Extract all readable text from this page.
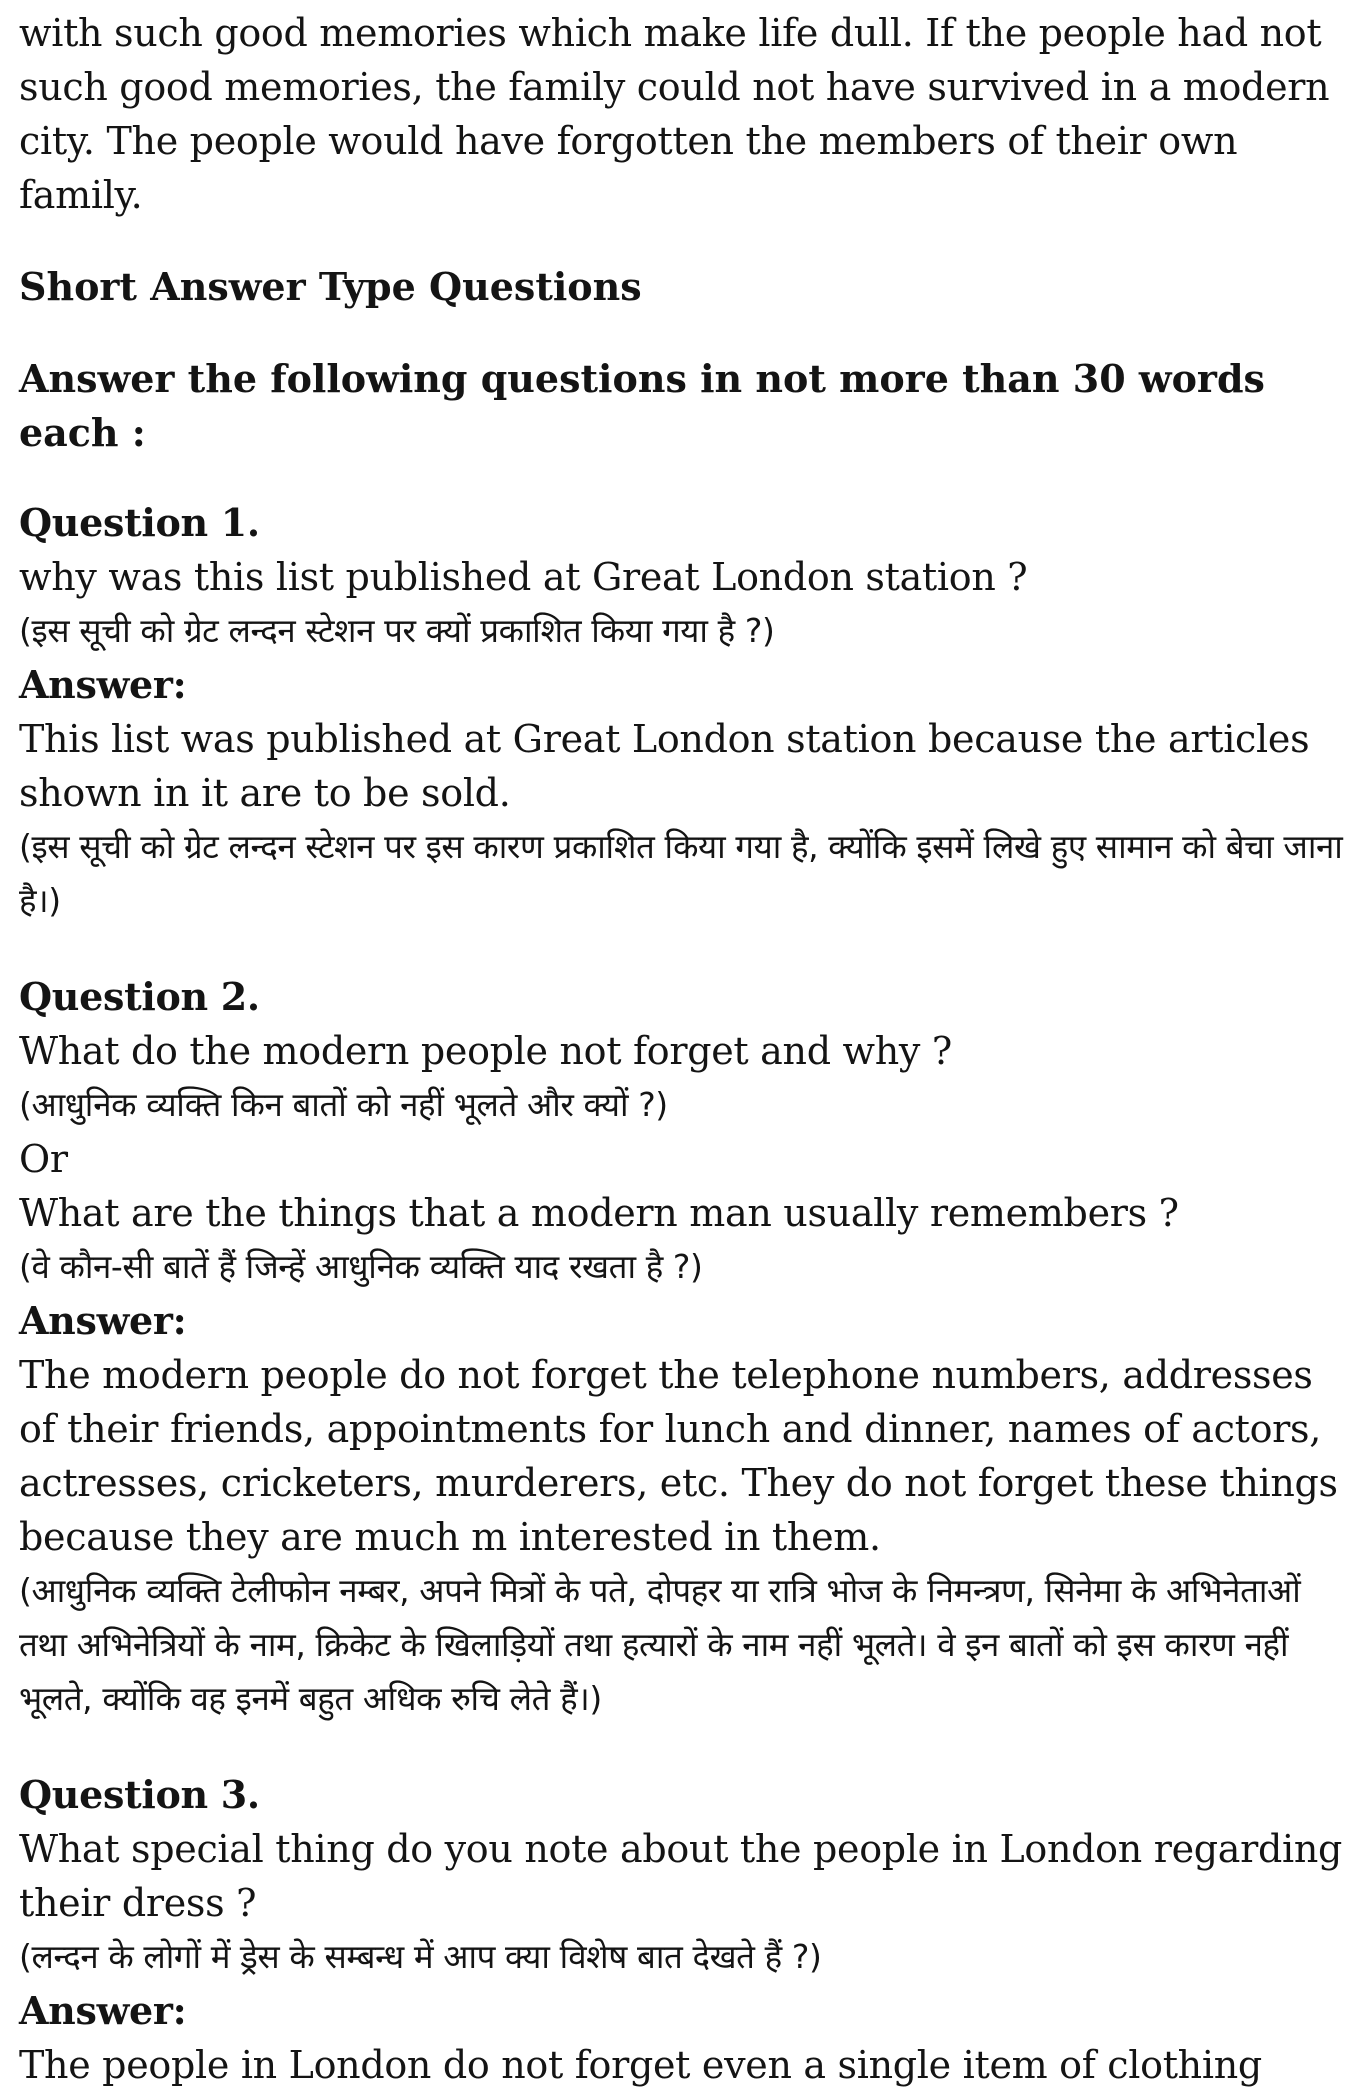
with such good memories which make life dull. If the people had not such good memories, the family could not have survived in a modern city. The people would have forgotten the members of their own family.

Short Answer Type Questions

Answer the following questions in not more than 30 words each :

Question 1.

why was this list published at Great London station ?

(इस सूची को ग्रेट लन्दन स्टेशन पर क्यों प्रकाशित किया गया है ?)

Answer:

This list was published at Great London station because the articles shown in it are to be sold.

(इस सूची को ग्रेट लन्दन स्टेशन पर इस कारण प्रकाशित किया गया है, क्योंकि इसमें लिखे हुए सामान को बेचा जाना है।)

Question 2.

What do the modern people not forget and why ?

(आधुनिक व्यक्ति किन बातों को नहीं भूलते और क्यों ?)

Or

What are the things that a modern man usually remembers ?

(वे कौन-सी बातें हैं जिन्हें आधुनिक व्यक्ति याद रखता है ?)

Answer:

The modern people do not forget the telephone numbers, addresses of their friends, appointments for lunch and dinner, names of actors, actresses, cricketers, murderers, etc. They do not forget these things because they are much m interested in them.

(आधुनिक व्यक्ति टेलीफोन नम्बर, अपने मित्रों के पते, दोपहर या रात्रि भोज के निमन्त्रण, सिनेमा के अभिनेताओं तथा अभिनेत्रियों के नाम, क्रिकेट के खिलाड़ियों तथा हत्यारों के नाम नहीं भूलते। वे इन बातों को इस कारण नहीं भूलते, क्योंकि वह इनमें बहुत अधिक रुचि लेते हैं।)

Question 3.

What special thing do you note about the people in London regarding their dress ?

(लन्दन के लोगों में ड्रेस के सम्बन्ध में आप क्या विशेष बात देखते हैं ?)

Answer:

The people in London do not forget even a single item of clothing
